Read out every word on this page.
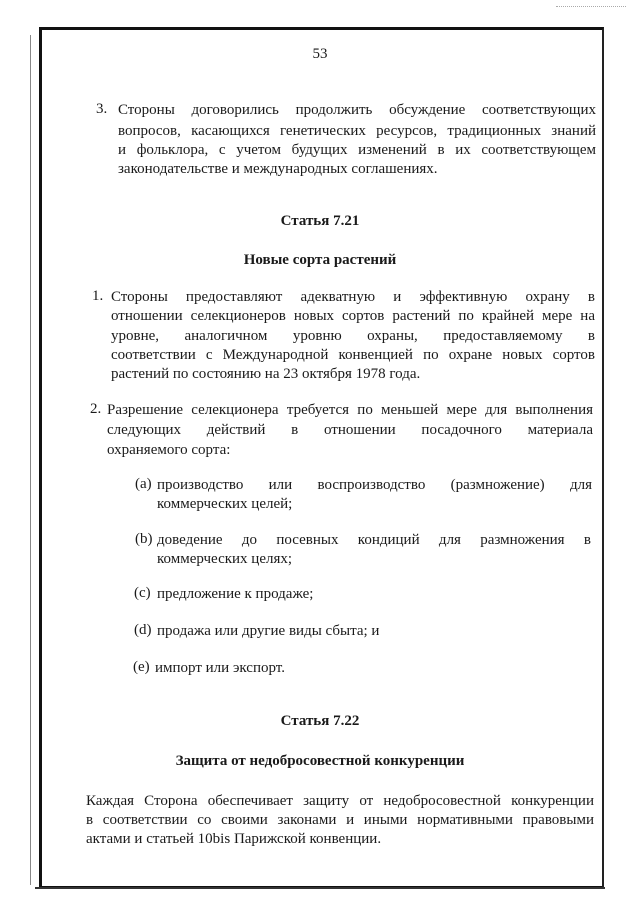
53
3. Стороны договорились продолжить обсуждение соответствующих
вопросов, касающихся генетических ресурсов, традиционных знаний
и фольклора, с учетом будущих изменений в их соответствующем
законодательстве и международных соглашениях.
Статья 7.21
Новые сорта растений
1. Стороны предоставляют адекватную и эффективную охрану в
отношении селекционеров новых сортов растений по крайней мере на
уровне, аналогичном уровню охраны, предоставляемому в
соответствии с Международной конвенцией по охране новых сортов
растений по состоянию на 23 октября 1978 года.
2. Разрешение селекционера требуется по меньшей мере для выполнения
следующих действий в отношении посадочного материала
охраняемого сорта:
(a) производство или воспроизводство (размножение) для
коммерческих целей;
(b) доведение до посевных кондиций для размножения в
коммерческих целях;
(c) предложение к продаже;
(d) продажа или другие виды сбыта; и
(e) импорт или экспорт.
Статья 7.22
Защита от недобросовестной конкуренции
Каждая Сторона обеспечивает защиту от недобросовестной конкуренции
в соответствии со своими законами и иными нормативными правовыми
актами и статьей 10bis Парижской конвенции.
